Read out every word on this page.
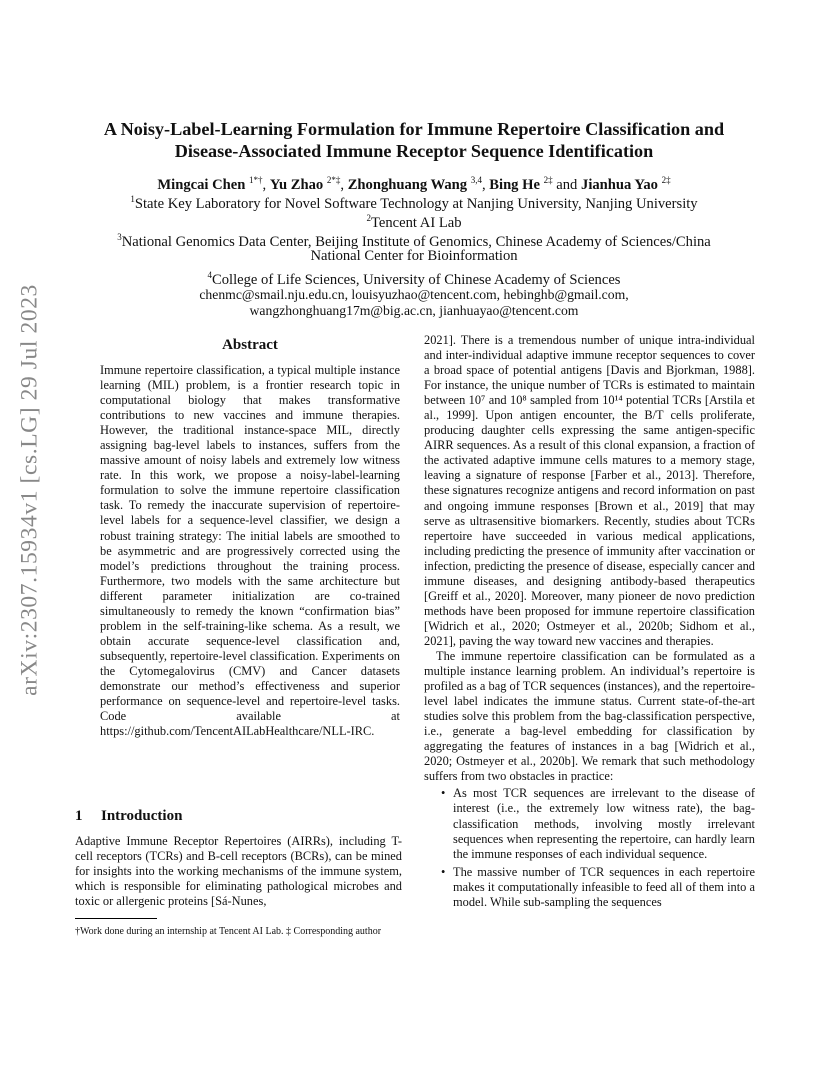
arXiv:2307.15934v1 [cs.LG] 29 Jul 2023
A Noisy-Label-Learning Formulation for Immune Repertoire Classification and
Disease-Associated Immune Receptor Sequence Identification
Mingcai Chen $^{1*\dagger}$, Yu Zhao $^{2*\ddagger}$, Zhonghuang Wang $^{3,4}$, Bing He $^{2\ddagger}$ and Jianhua Yao $^{2\ddagger}$
$^1$State Key Laboratory for Novel Software Technology at Nanjing University, Nanjing University
$^2$Tencent AI Lab
$^3$National Genomics Data Center, Beijing Institute of Genomics, Chinese Academy of Sciences/China
National Center for Bioinformation
$^4$College of Life Sciences, University of Chinese Academy of Sciences
chenmc@smail.nju.edu.cn, louisyuzhao@tencent.com, hebinghb@gmail.com,
wangzhonghuang17m@big.ac.cn, jianhuayao@tencent.com
Abstract
Immune repertoire classification, a typical multiple instance learning (MIL) problem, is a frontier research topic in computational biology that makes transformative contributions to new vaccines and immune therapies. However, the traditional instance-space MIL, directly assigning bag-level labels to instances, suffers from the massive amount of noisy labels and extremely low witness rate. In this work, we propose a noisy-label-learning formulation to solve the immune repertoire classification task. To remedy the inaccurate supervision of repertoire-level labels for a sequence-level classifier, we design a robust training strategy: The initial labels are smoothed to be asymmetric and are progressively corrected using the model’s predictions throughout the training process. Furthermore, two models with the same architecture but different parameter initialization are co-trained simultaneously to remedy the known “confirmation bias” problem in the self-training-like schema. As a result, we obtain accurate sequence-level classification and, subsequently, repertoire-level classification. Experiments on the Cytomegalovirus (CMV) and Cancer datasets demonstrate our method’s effectiveness and superior performance on sequence-level and repertoire-level tasks. Code available at https://github.com/TencentAILabHealthcare/NLL-IRC.
1 Introduction
Adaptive Immune Receptor Repertoires (AIRRs), including T-cell receptors (TCRs) and B-cell receptors (BCRs), can be mined for insights into the working mechanisms of the immune system, which is responsible for eliminating pathological microbes and toxic or allergenic proteins [Sá-Nunes,
†Work done during an internship at Tencent AI Lab. ‡ Corresponding author
2021]. There is a tremendous number of unique intra-individual and inter-individual adaptive immune receptor sequences to cover a broad space of potential antigens [Davis and Bjorkman, 1988]. For instance, the unique number of TCRs is estimated to maintain between 10⁷ and 10⁸ sampled from 10¹⁴ potential TCRs [Arstila et al., 1999]. Upon antigen encounter, the B/T cells proliferate, producing daughter cells expressing the same antigen-specific AIRR sequences. As a result of this clonal expansion, a fraction of the activated adaptive immune cells matures to a memory stage, leaving a signature of response [Farber et al., 2013]. Therefore, these signatures recognize antigens and record information on past and ongoing immune responses [Brown et al., 2019] that may serve as ultrasensitive biomarkers. Recently, studies about TCRs repertoire have succeeded in various medical applications, including predicting the presence of immunity after vaccination or infection, predicting the presence of disease, especially cancer and immune diseases, and designing antibody-based therapeutics [Greiff et al., 2020]. Moreover, many pioneer de novo prediction methods have been proposed for immune repertoire classification [Widrich et al., 2020; Ostmeyer et al., 2020b; Sidhom et al., 2021], paving the way toward new vaccines and therapies.
The immune repertoire classification can be formulated as a multiple instance learning problem. An individual’s repertoire is profiled as a bag of TCR sequences (instances), and the repertoire-level label indicates the immune status. Current state-of-the-art studies solve this problem from the bag-classification perspective, i.e., generate a bag-level embedding for classification by aggregating the features of instances in a bag [Widrich et al., 2020; Ostmeyer et al., 2020b]. We remark that such methodology suffers from two obstacles in practice:
• As most TCR sequences are irrelevant to the disease of interest (i.e., the extremely low witness rate), the bag-classification methods, involving mostly irrelevant sequences when representing the repertoire, can hardly learn the immune responses of each individual sequence.
• The massive number of TCR sequences in each repertoire makes it computationally infeasible to feed all of them into a model. While sub-sampling the sequences
